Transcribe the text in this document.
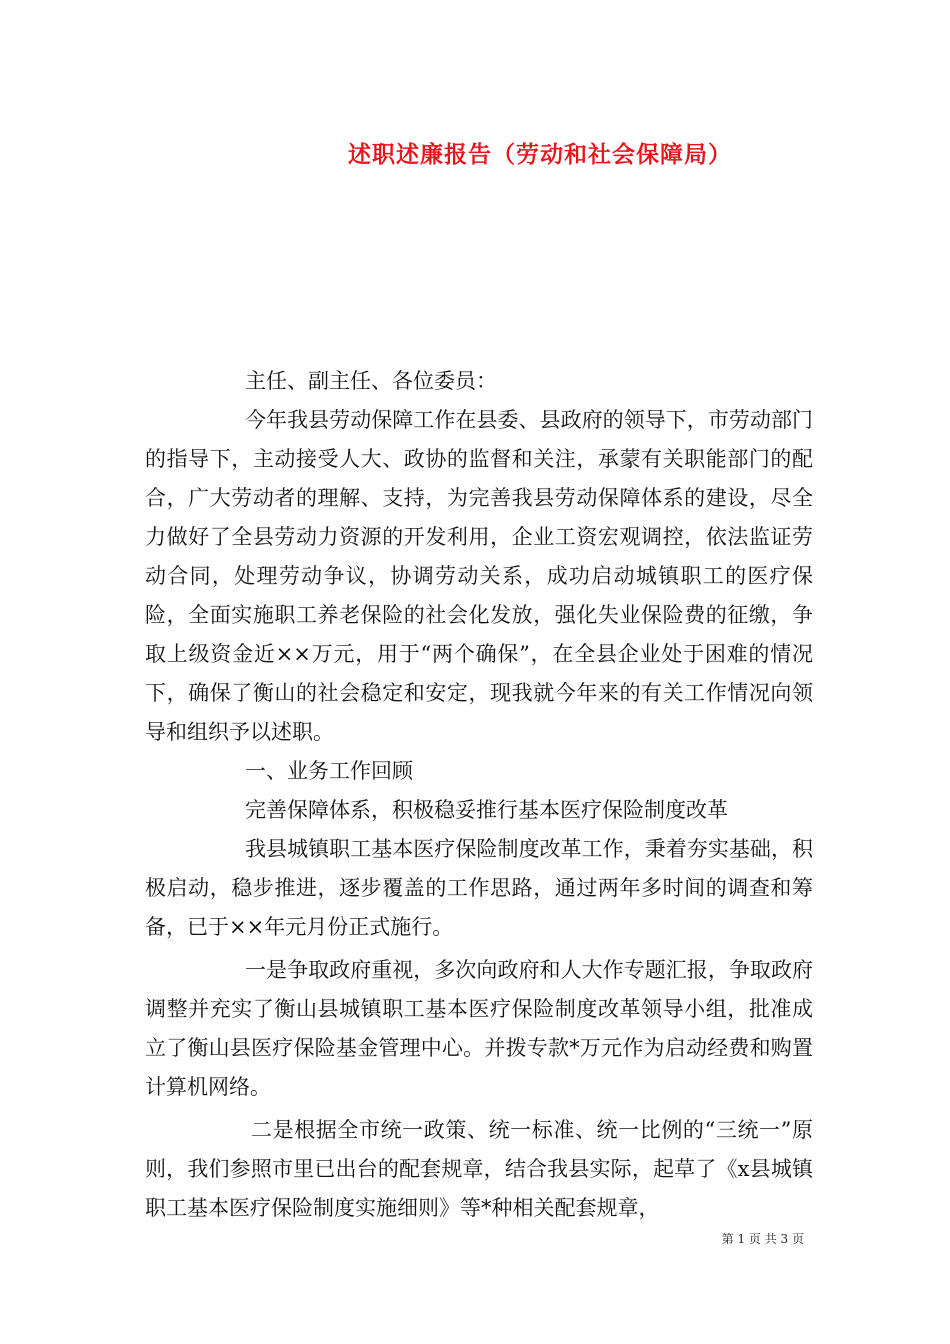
述职述廉报告（劳动和社会保障局）

主任、副主任、各位委员：

今年我县劳动保障工作在县委、县政府的领导下，市劳动部门的指导下，主动接受人大、政协的监督和关注，承蒙有关职能部门的配合，广大劳动者的理解、支持，为完善我县劳动保障体系的建设，尽全力做好了全县劳动力资源的开发利用，企业工资宏观调控，依法监证劳动合同，处理劳动争议，协调劳动关系，成功启动城镇职工的医疗保险，全面实施职工养老保险的社会化发放，强化失业保险费的征缴，争取上级资金近××万元，用于“两个确保”，在全县企业处于困难的情况下，确保了衡山的社会稳定和安定，现我就今年来的有关工作情况向领导和组织予以述职。

一、业务工作回顾

完善保障体系，积极稳妥推行基本医疗保险制度改革

我县城镇职工基本医疗保险制度改革工作，秉着夯实基础，积极启动，稳步推进，逐步覆盖的工作思路，通过两年多时间的调查和筹备，已于××年元月份正式施行。

一是争取政府重视，多次向政府和人大作专题汇报，争取政府调整并充实了衡山县城镇职工基本医疗保险制度改革领导小组，批准成立了衡山县医疗保险基金管理中心。并拨专款*万元作为启动经费和购置计算机网络。

二是根据全市统一政策、统一标准、统一比例的“三统一”原则，我们参照市里已出台的配套规章，结合我县实际，起草了《x县城镇职工基本医疗保险制度实施细则》等*种相关配套规章，

第 1 页 共 3 页
